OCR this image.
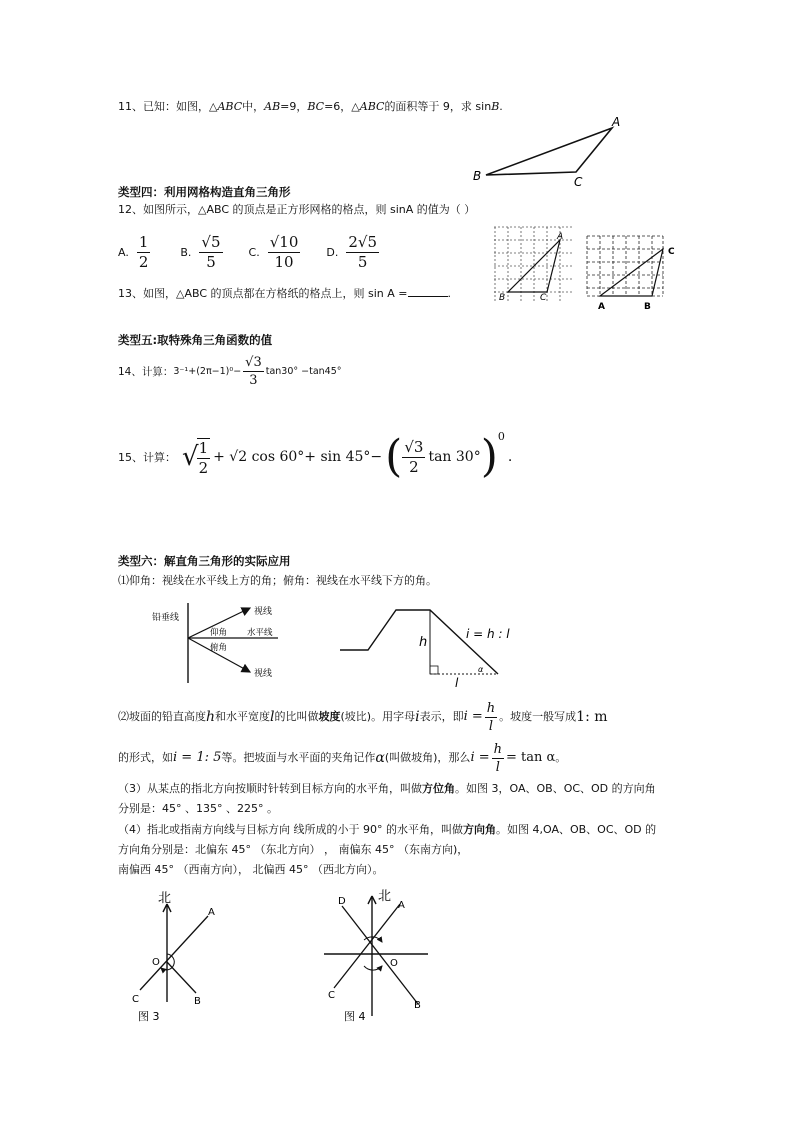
11、已知：如图，△ABC中，AB=9，BC=6，△ABC的面积等于 9，求 sinB.
A
B	C
类型四：利用网格构造直角三角形
12、如图所示，△ABC 的顶点是正方形网格的格点，则 sinA 的值为（ ）
A. $\frac{1}{2}$	B. $\frac{√5}{5} C$. $\frac{√10}{10} D$. $\frac{2√5}{5}$
13、如图，△ABC 的顶点都在方格纸的格点上，则 sin A =	.
A
B	C
C
A	B
类型五:取特殊角三角函数的值
14、计算： $3^{-1}+(2\pi-1)^0- \frac{√3}{3} \tan 30^\circ -\tan 45^\circ$
15、计算： √
$\frac{1}{2} + √2$ cos 60°+ sin 45°− ( $\frac{√3}{2}$ tan 30° ) 0
.
类型六：解直角三角形的实际应用
⑴仰角：视线在水平线上方的角；俯角：视线在水平线下方的角。
铅垂线
视线
水平线
仰角
俯角
视线
h
i = h : l
l
α
⑵坡面的铅直高度 h 和水平宽度 l 的比叫做 坡度 (坡比)。用字母 i 表示，即 $i = \frac{h}{l}$ 。坡度一般写成 1: m
的形式，如 i = 1: 5 等。把坡面与水平面的夹角记作 α (叫做坡角)，那么 $i = \frac{h}{l} = \tan \alpha$ 。
（3）从某点的指北方向按顺时针转到目标方向的水平角，叫做方位角。如图 3，OA、OB、OC、OD 的方向角
分别是：45° 、135° 、225° 。
（4）指北或指南方向线与目标方向 线所成的小于 90° 的水平角，叫做方向角。如图 4,OA、OB、OC、OD 的
方向角分别是：北偏东 45° （东北方向） ， 南偏东 45° （东南方向)，
南偏西 45° （西南方向）， 北偏西 45° （西北方向）。
北
A
O
C	B
图 3
北
D	A
O
C
B
图 4
